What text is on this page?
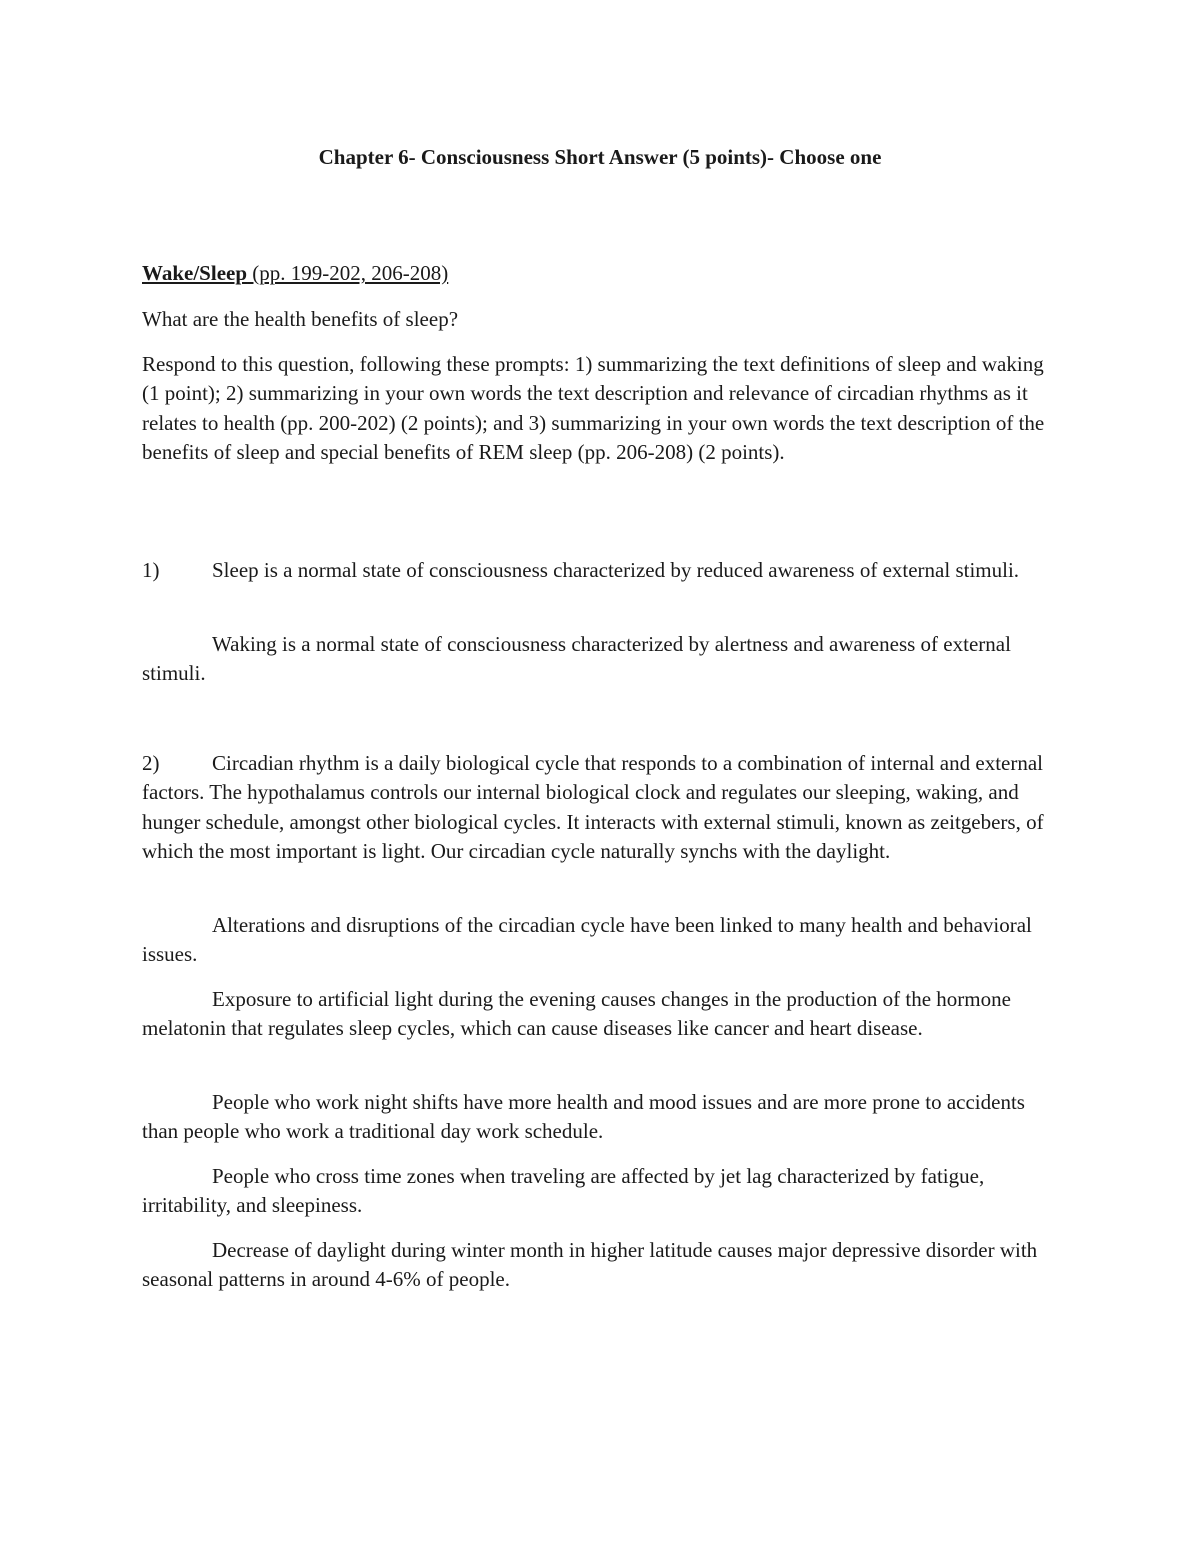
Chapter 6- Consciousness Short Answer (5 points)- Choose one

Wake/Sleep (pp. 199-202, 206-208)

What are the health benefits of sleep?

Respond to this question, following these prompts: 1) summarizing the text definitions of sleep and waking (1 point); 2) summarizing in your own words the text description and relevance of circadian rhythms as it relates to health (pp. 200-202) (2 points); and 3) summarizing in your own words the text description of the benefits of sleep and special benefits of REM sleep (pp. 206-208) (2 points).

1)	Sleep is a normal state of consciousness characterized by reduced awareness of external stimuli.

Waking is a normal state of consciousness characterized by alertness and awareness of external stimuli.

2)	Circadian rhythm is a daily biological cycle that responds to a combination of internal and external factors. The hypothalamus controls our internal biological clock and regulates our sleeping, waking, and hunger schedule, amongst other biological cycles. It interacts with external stimuli, known as zeitgebers, of which the most important is light. Our circadian cycle naturally synchs with the daylight.

Alterations and disruptions of the circadian cycle have been linked to many health and behavioral issues.

Exposure to artificial light during the evening causes changes in the production of the hormone melatonin that regulates sleep cycles, which can cause diseases like cancer and heart disease.

People who work night shifts have more health and mood issues and are more prone to accidents than people who work a traditional day work schedule.

People who cross time zones when traveling are affected by jet lag characterized by fatigue, irritability, and sleepiness.

Decrease of daylight during winter month in higher latitude causes major depressive disorder with seasonal patterns in around 4-6% of people.
